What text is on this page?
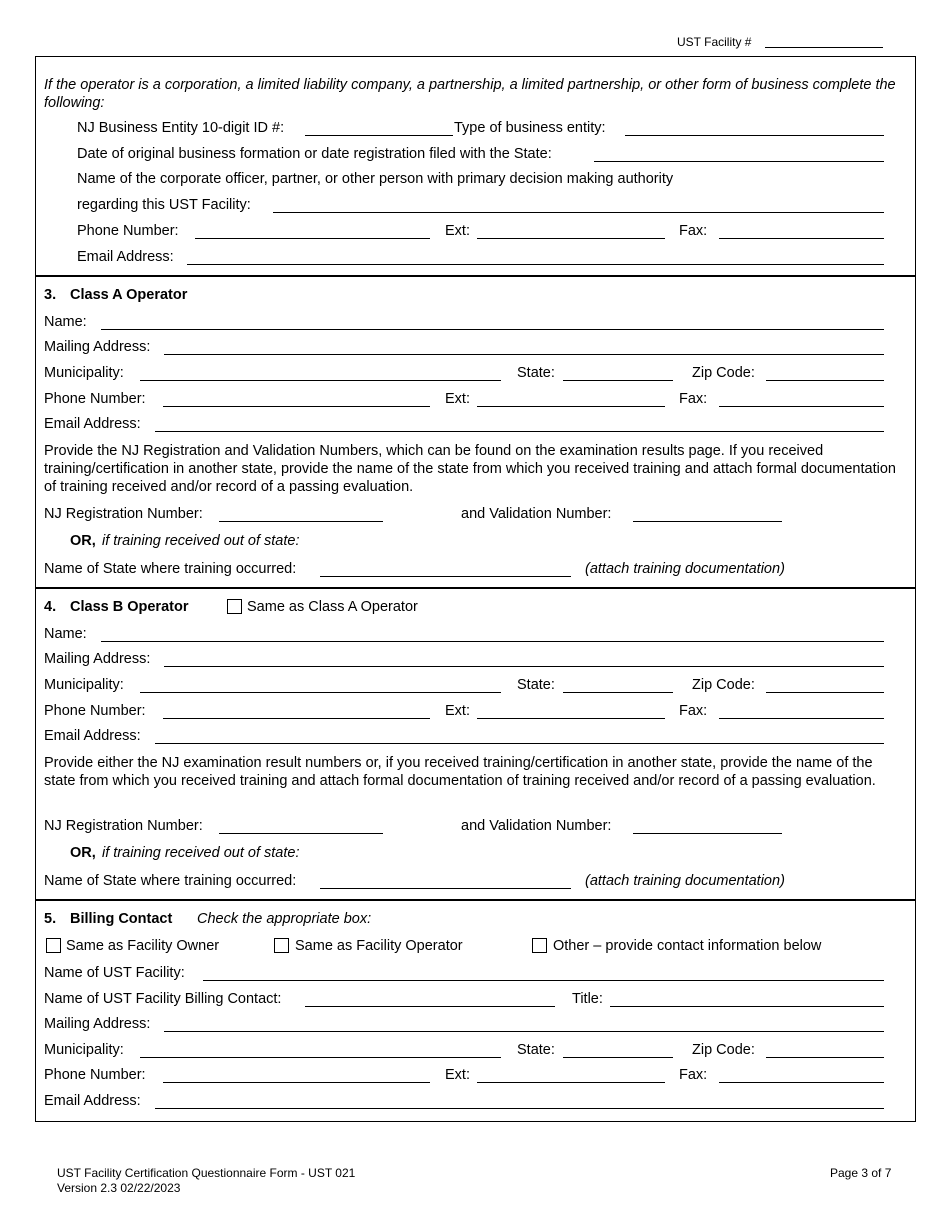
UST Facility #
If the operator is a corporation, a limited liability company, a partnership, a limited partnership, or other form of business complete the following:
NJ Business Entity 10-digit ID #:	Type of business entity:
Date of original business formation or date registration filed with the State:
Name of the corporate officer, partner, or other person with primary decision making authority
regarding this UST Facility:
Phone Number:	Ext:	Fax:
Email Address:
3. Class A Operator
Name:
Mailing Address:
Municipality:	State:	Zip Code:
Phone Number:	Ext:	Fax:
Email Address:
Provide the NJ Registration and Validation Numbers, which can be found on the examination results page. If you received training/certification in another state, provide the name of the state from which you received training and attach formal documentation of training received and/or record of a passing evaluation.
NJ Registration Number:	and Validation Number:
OR, if training received out of state:
Name of State where training occurred:	(attach training documentation)
4. Class B Operator	Same as Class A Operator
Name:
Mailing Address:
Municipality:	State:	Zip Code:
Phone Number:	Ext:	Fax:
Email Address:
Provide either the NJ examination result numbers or, if you received training/certification in another state, provide the name of the state from which you received training and attach formal documentation of training received and/or record of a passing evaluation.
NJ Registration Number:	and Validation Number:
OR, if training received out of state:
Name of State where training occurred:	(attach training documentation)
5. Billing Contact Check the appropriate box:
Same as Facility Owner	Same as Facility Operator	Other – provide contact information below
Name of UST Facility:
Name of UST Facility Billing Contact:	Title:
Mailing Address:
Municipality:	State:	Zip Code:
Phone Number:	Ext:	Fax:
Email Address:
UST Facility Certification Questionnaire Form - UST 021
Version 2.3 02/22/2023
Page 3 of 7
